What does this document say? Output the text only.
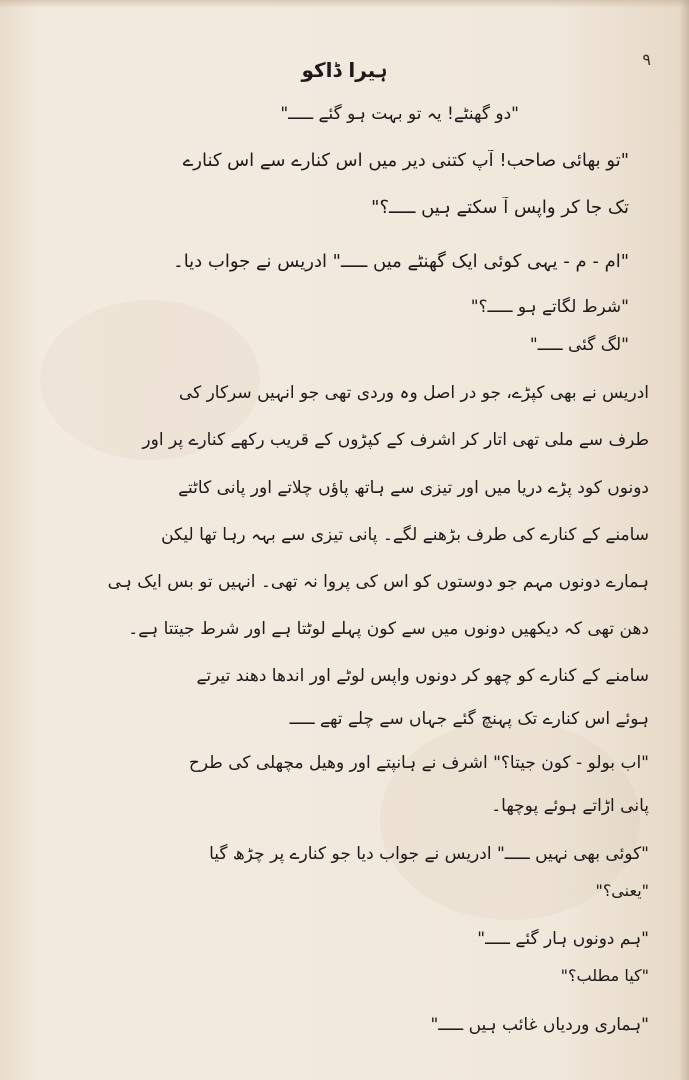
۹
ہیرا ڈاکو
"دو گھنٹے! یہ تو بہت ہو گئے ـــــ"
"تو بھائی صاحب! آپ کتنی دیر میں اس کنارے سے اس کنارے
تک جا کر واپس آ سکتے ہیں ـــــ؟"
"ام - م - یہی کوئی ایک گھنٹے میں ـــــ" ادریس نے جواب دیا۔
"شرط لگاتے ہو ـــــ؟"
"لگ گئی ـــــ"
ادریس نے بھی کپڑے، جو در اصل وہ وردی تھی جو انہیں سرکار کی
طرف سے ملی تھی اتار کر اشرف کے کپڑوں کے قریب رکھے کنارے پر اور
دونوں کود پڑے دریا میں اور تیزی سے ہاتھ پاؤں چلاتے اور پانی کاٹتے
سامنے کے کنارے کی طرف بڑھنے لگے۔ پانی تیزی سے بہہ رہا تھا لیکن
ہمارے دونوں مہم جو دوستوں کو اس کی پروا نہ تھی۔ انہیں تو بس ایک ہی
دھن تھی کہ دیکھیں دونوں میں سے کون پہلے لوٹتا ہے اور شرط جیتتا ہے۔
سامنے کے کنارے کو چھو کر دونوں واپس لوٹے اور اندھا دھند تیرتے
ہوئے اس کنارے تک پہنچ گئے جہاں سے چلے تھے ـــــ
"اب بولو - کون جیتا؟" اشرف نے ہانپتے اور وھیل مچھلی کی طرح
پانی اڑاتے ہوئے پوچھا۔
"کوئی بھی نہیں ـــــ" ادریس نے جواب دیا جو کنارے پر چڑھ گیا
"یعنی؟"
"ہم دونوں ہار گئے ـــــ"
"کیا مطلب؟"
"ہماری وردیاں غائب ہیں ـــــ"
